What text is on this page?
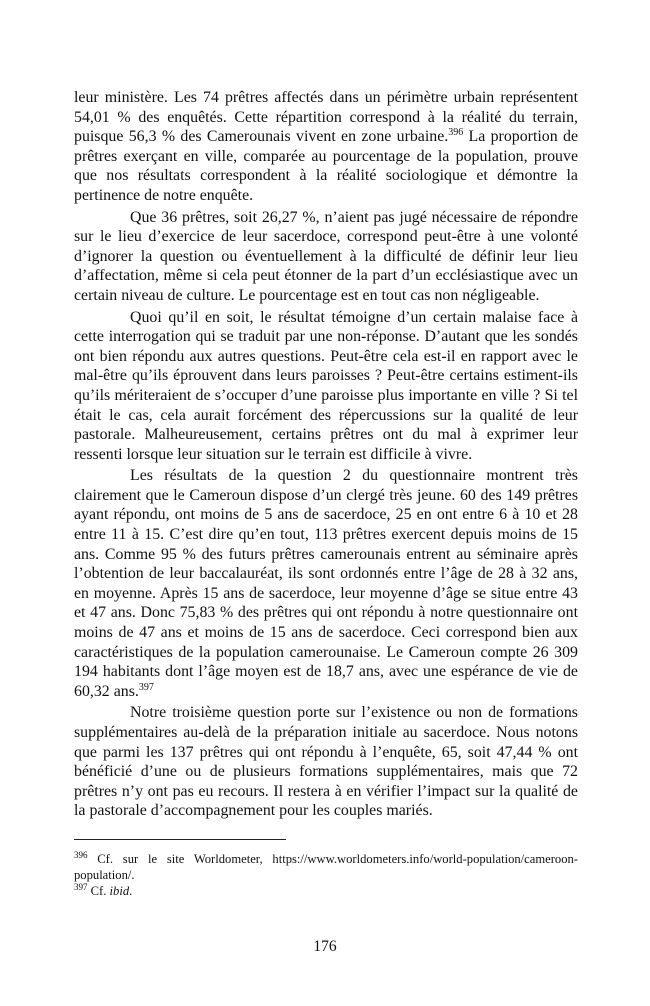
leur ministère. Les 74 prêtres affectés dans un périmètre urbain représentent 54,01 % des enquêtés. Cette répartition correspond à la réalité du terrain, puisque 56,3 % des Camerounais vivent en zone urbaine.$^{396}$ La proportion de prêtres exerçant en ville, comparée au pourcentage de la population, prouve que nos résultats correspondent à la réalité sociologique et démontre la pertinence de notre enquête.

Que 36 prêtres, soit 26,27 %, n’aient pas jugé nécessaire de répondre sur le lieu d’exercice de leur sacerdoce, correspond peut-être à une volonté d’ignorer la question ou éventuellement à la difficulté de définir leur lieu d’affectation, même si cela peut étonner de la part d’un ecclésiastique avec un certain niveau de culture. Le pourcentage est en tout cas non négligeable.

Quoi qu’il en soit, le résultat témoigne d’un certain malaise face à cette interrogation qui se traduit par une non-réponse. D’autant que les sondés ont bien répondu aux autres questions. Peut-être cela est-il en rapport avec le mal-être qu’ils éprouvent dans leurs paroisses ? Peut-être certains estiment-ils qu’ils mériteraient de s’occuper d’une paroisse plus importante en ville ? Si tel était le cas, cela aurait forcément des répercussions sur la qualité de leur pastorale. Malheureusement, certains prêtres ont du mal à exprimer leur ressenti lorsque leur situation sur le terrain est difficile à vivre.

Les résultats de la question 2 du questionnaire montrent très clairement que le Cameroun dispose d’un clergé très jeune. 60 des 149 prêtres ayant répondu, ont moins de 5 ans de sacerdoce, 25 en ont entre 6 à 10 et 28 entre 11 à 15. C’est dire qu’en tout, 113 prêtres exercent depuis moins de 15 ans. Comme 95 % des futurs prêtres camerounais entrent au séminaire après l’obtention de leur baccalauréat, ils sont ordonnés entre l’âge de 28 à 32 ans, en moyenne. Après 15 ans de sacerdoce, leur moyenne d’âge se situe entre 43 et 47 ans. Donc 75,83 % des prêtres qui ont répondu à notre questionnaire ont moins de 47 ans et moins de 15 ans de sacerdoce. Ceci correspond bien aux caractéristiques de la population camerounaise. Le Cameroun compte 26 309 194 habitants dont l’âge moyen est de 18,7 ans, avec une espérance de vie de 60,32 ans.$^{397}$

Notre troisième question porte sur l’existence ou non de formations supplémentaires au-delà de la préparation initiale au sacerdoce. Nous notons que parmi les 137 prêtres qui ont répondu à l’enquête, 65, soit 47,44 % ont bénéficié d’une ou de plusieurs formations supplémentaires, mais que 72 prêtres n’y ont pas eu recours. Il restera à en vérifier l’impact sur la qualité de la pastorale d’accompagnement pour les couples mariés.

$^{396}$ Cf. sur le site Worldometer, https://www.worldometers.info/world-population/cameroon-population/.

$^{397}$ Cf. ibid.

176
